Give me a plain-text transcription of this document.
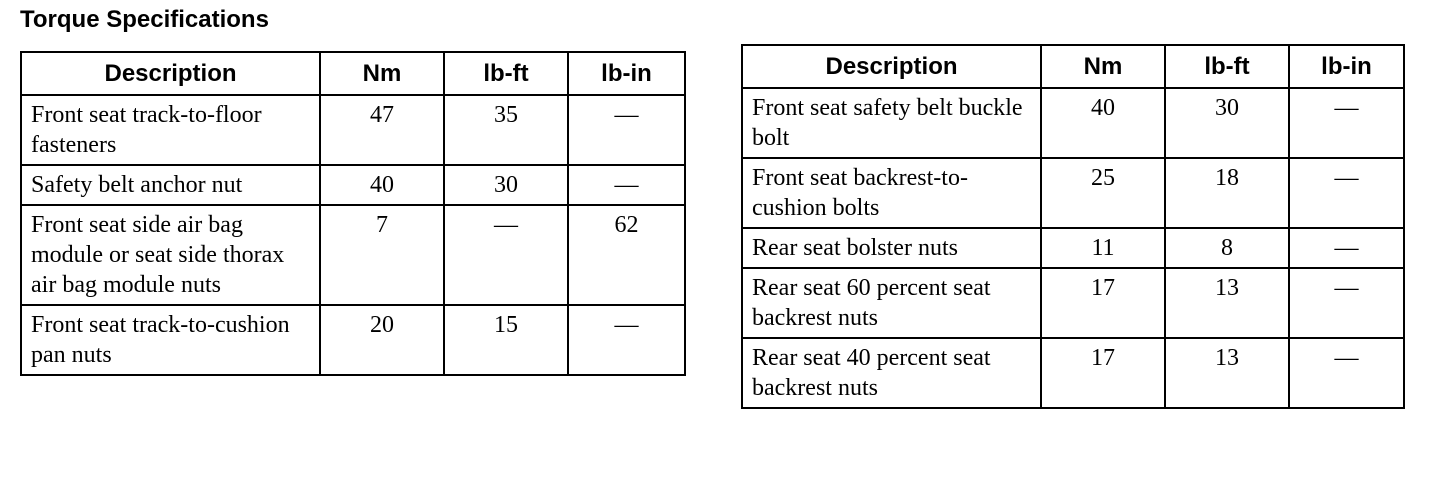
Torque Specifications
Description	Nm	lb-ft	lb-in
Front seat track-to-floor fasteners	47	35	—
Safety belt anchor nut	40	30	—
Front seat side air bag module or seat side thorax air bag module nuts	7	—	62
Front seat track-to-cushion pan nuts	20	15	—
Description	Nm	lb-ft	lb-in
Front seat safety belt buckle bolt	40	30	—
Front seat backrest-to-cushion bolts	25	18	—
Rear seat bolster nuts	11	8	—
Rear seat 60 percent seat backrest nuts	17	13	—
Rear seat 40 percent seat backrest nuts	17	13	—
